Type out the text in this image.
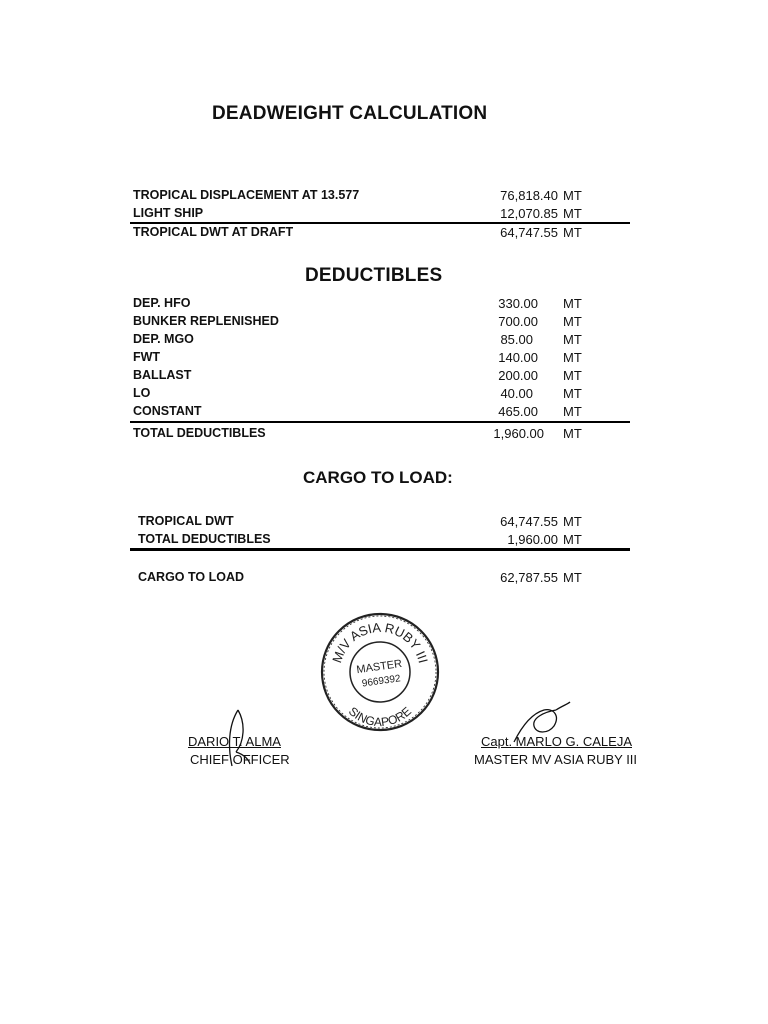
DEADWEIGHT CALCULATION
TROPICAL DISPLACEMENT AT 13.577	76,818.40 MT
LIGHT SHIP	12,070.85 MT
TROPICAL DWT AT DRAFT	64,747.55 MT
DEDUCTIBLES
DEP. HFO	330.00 MT
BUNKER REPLENISHED	700.00 MT
DEP. MGO	85.00 MT
FWT	140.00 MT
BALLAST	200.00 MT
LO	40.00 MT
CONSTANT	465.00 MT
TOTAL DEDUCTIBLES	1,960.00 MT
CARGO TO LOAD:
TROPICAL DWT	64,747.55 MT
TOTAL DEDUCTIBLES	1,960.00 MT
CARGO TO LOAD	62,787.55 MT
M/V ASIA RUBY III
SINGAPORE
MASTER
9669392
DARIO T. ALMA
CHIEF OFFICER
Capt. MARLO G. CALEJA
MASTER MV ASIA RUBY III
